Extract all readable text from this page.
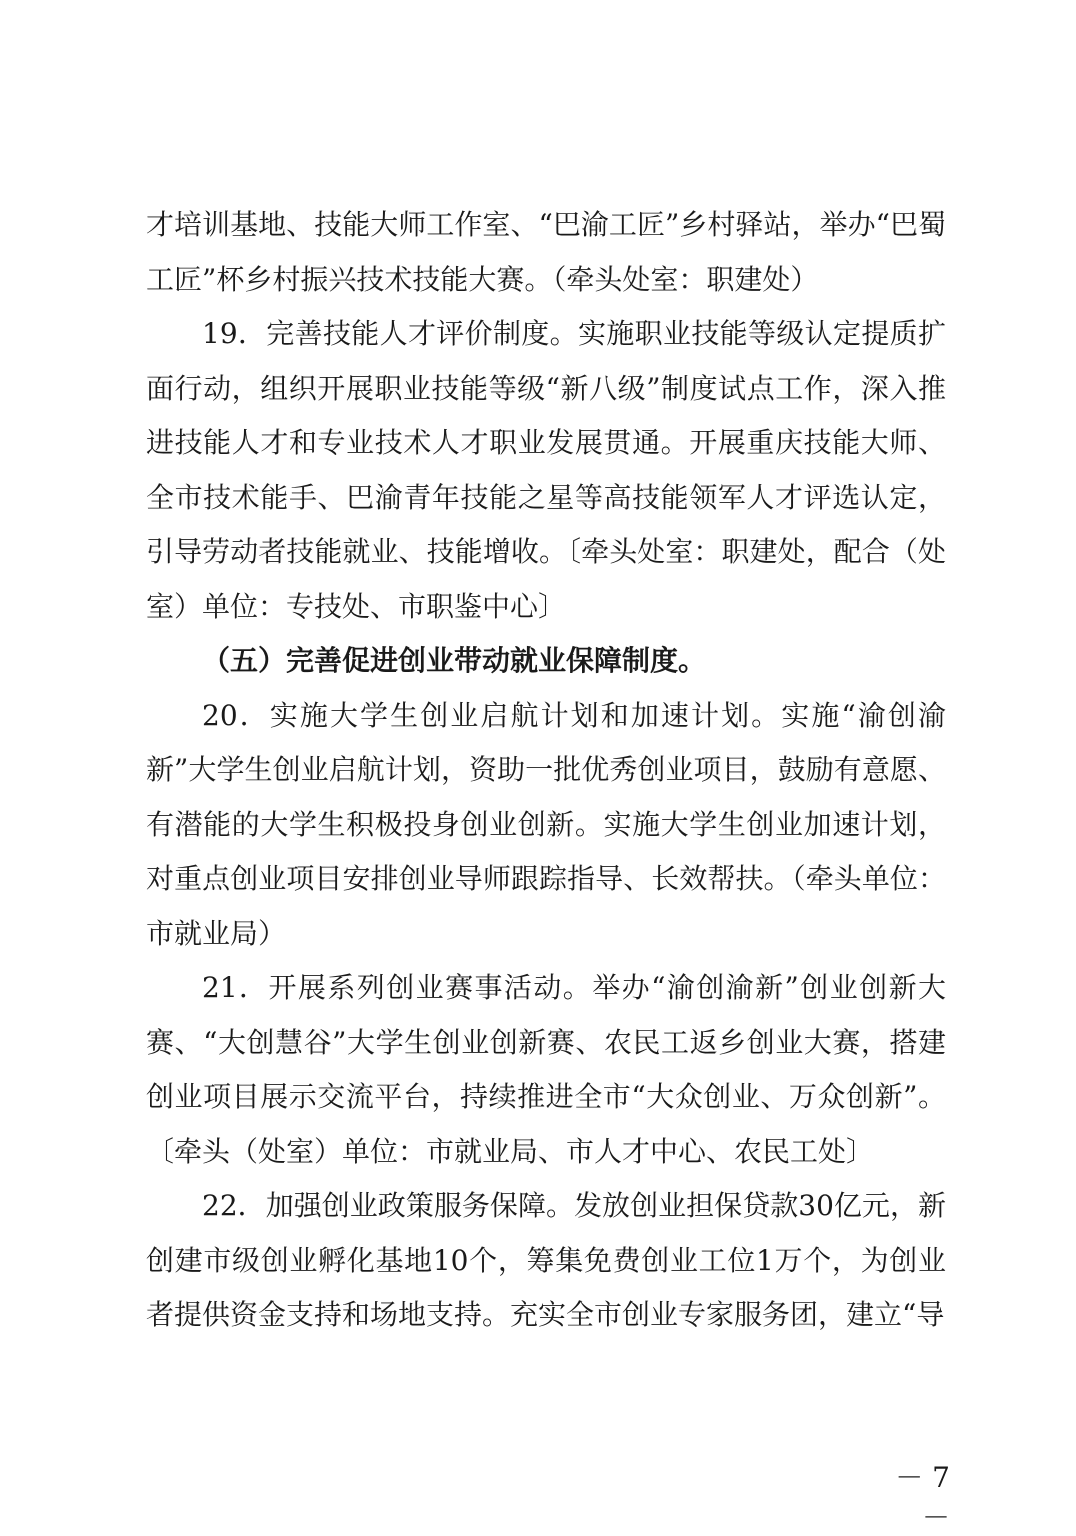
才培训基地、技能大师工作室、“巴渝工匠”乡村驿站，举办“巴蜀工匠”杯乡村振兴技术技能大赛。（牵头处室：职建处）

19．完善技能人才评价制度。实施职业技能等级认定提质扩面行动，组织开展职业技能等级“新八级”制度试点工作，深入推进技能人才和专业技术人才职业发展贯通。开展重庆技能大师、全市技术能手、巴渝青年技能之星等高技能领军人才评选认定，引导劳动者技能就业、技能增收。〔牵头处室：职建处，配合（处室）单位：专技处、市职鉴中心〕

（五）完善促进创业带动就业保障制度。

20．实施大学生创业启航计划和加速计划。实施“渝创渝新”大学生创业启航计划，资助一批优秀创业项目，鼓励有意愿、有潜能的大学生积极投身创业创新。实施大学生创业加速计划，对重点创业项目安排创业导师跟踪指导、长效帮扶。（牵头单位：市就业局）

21．开展系列创业赛事活动。举办“渝创渝新”创业创新大赛、“大创慧谷”大学生创业创新赛、农民工返乡创业大赛，搭建创业项目展示交流平台，持续推进全市“大众创业、万众创新”。〔牵头（处室）单位：市就业局、市人才中心、农民工处〕

22．加强创业政策服务保障。发放创业担保贷款30亿元，新创建市级创业孵化基地10个，筹集免费创业工位1万个，为创业者提供资金支持和场地支持。充实全市创业专家服务团，建立“导

－ 7 －
